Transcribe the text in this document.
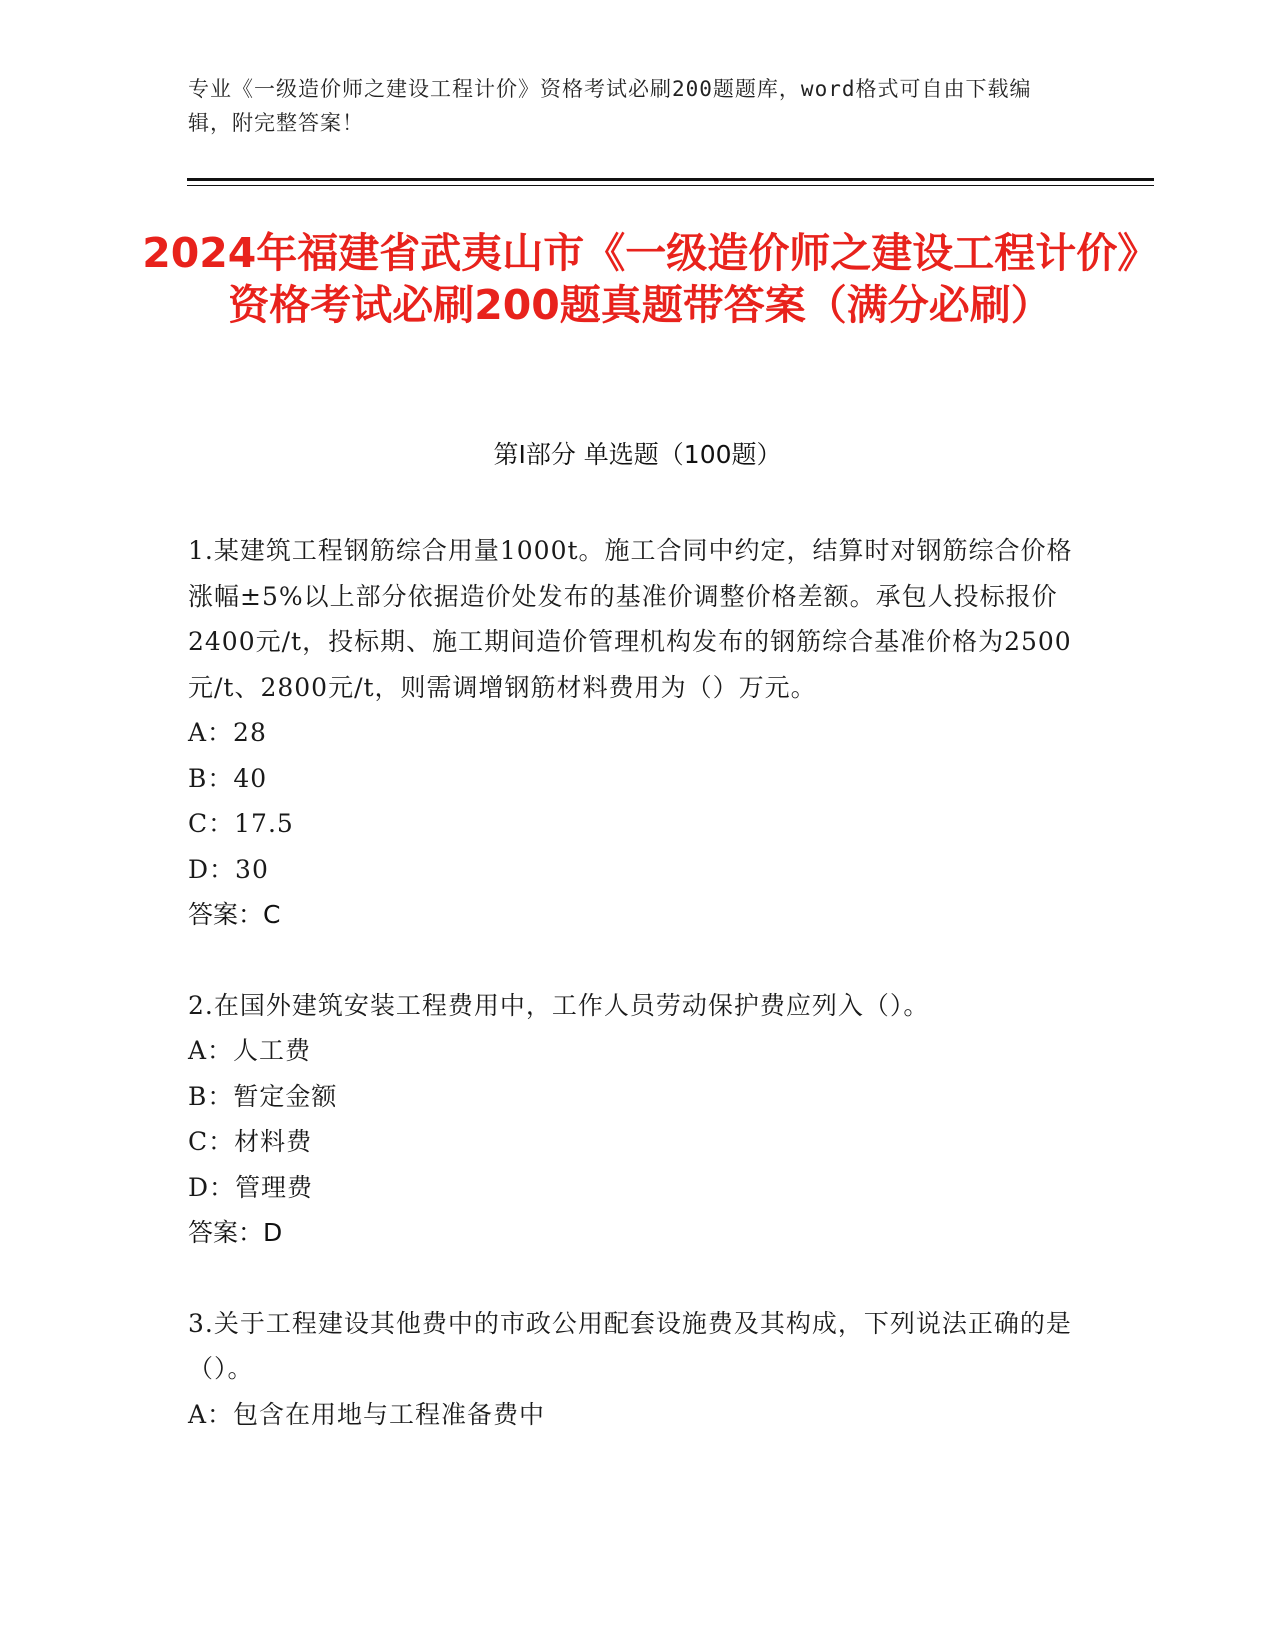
专业《一级造价师之建设工程计价》资格考试必刷200题题库，word格式可自由下载编辑，附完整答案！
2024年福建省武夷山市《一级造价师之建设工程计价》资格考试必刷200题真题带答案（满分必刷）
第Ⅰ部分 单选题（100题）

1.某建筑工程钢筋综合用量1000t。施工合同中约定，结算时对钢筋综合价格涨幅±5%以上部分依据造价处发布的基准价调整价格差额。承包人投标报价2400元/t，投标期、施工期间造价管理机构发布的钢筋综合基准价格为2500元/t、2800元/t，则需调增钢筋材料费用为（）万元。

A：28

B：40

C：17.5

D：30

答案：C

2.在国外建筑安装工程费用中，工作人员劳动保护费应列入（）。

A：人工费

B：暂定金额

C：材料费

D：管理费

答案：D

3.关于工程建设其他费中的市政公用配套设施费及其构成，下列说法正确的是（）。

A：包含在用地与工程准备费中
